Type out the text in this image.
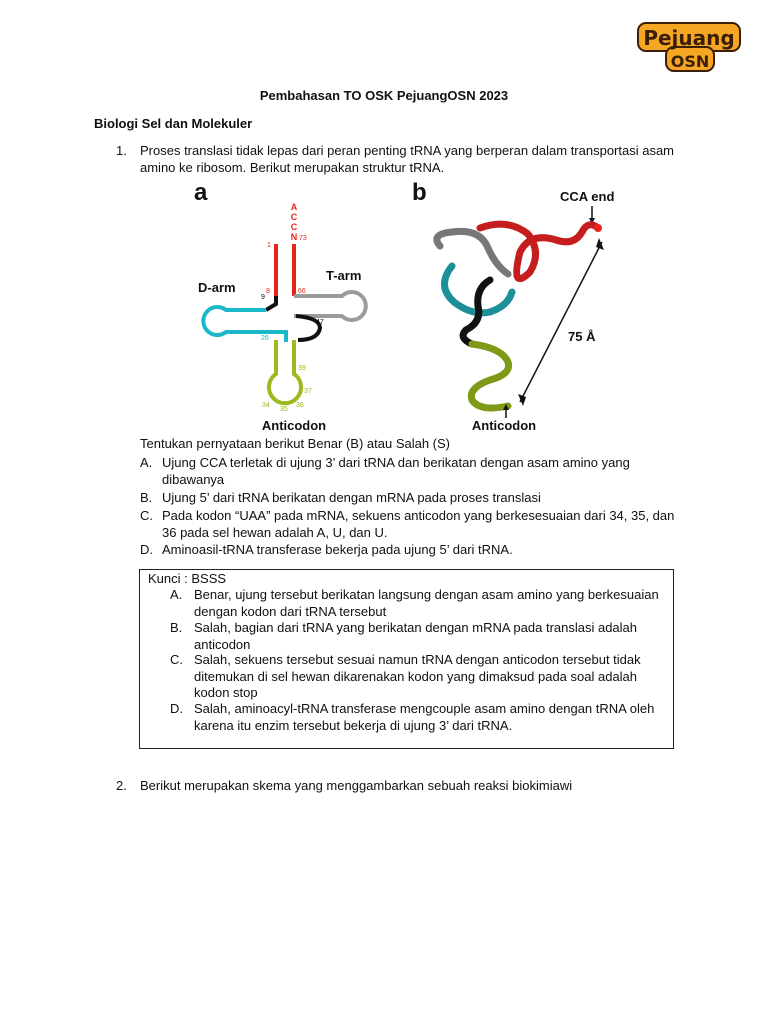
Pejuang
OSN
Pembahasan TO OSK PejuangOSN 2023
Biologi Sel dan Molekuler
1. Proses translasi tidak lepas dari peran penting tRNA yang berperan dalam transportasi asam amino ke ribosom. Berikut merupakan struktur tRNA.
a
A
C
C
N 73
1
T-arm
66
47
8
9
D-arm
26
39
37
34
35
36
Anticodon
b	CCA end
75 Å
Anticodon
Tentukan pernyataan berikut Benar (B) atau Salah (S)
A. Ujung CCA terletak di ujung 3’ dari tRNA dan berikatan dengan asam amino yang dibawanya
B. Ujung 5’ dari tRNA berikatan dengan mRNA pada proses translasi
C. Pada kodon “UAA” pada mRNA, sekuens anticodon yang berkesesuaian dari 34, 35, dan 36 pada sel hewan adalah A, U, dan U.
D. Aminoasil-tRNA transferase bekerja pada ujung 5’ dari tRNA.
Kunci : BSSS
A. Benar, ujung tersebut berikatan langsung dengan asam amino yang berkesuaian dengan kodon dari tRNA tersebut
B. Salah, bagian dari tRNA yang berikatan dengan mRNA pada translasi adalah anticodon
C. Salah, sekuens tersebut sesuai namun tRNA dengan anticodon tersebut tidak ditemukan di sel hewan dikarenakan kodon yang dimaksud pada soal adalah kodon stop
D. Salah, aminoacyl-tRNA transferase mengcouple asam amino dengan tRNA oleh karena itu enzim tersebut bekerja di ujung 3’ dari tRNA.
2. Berikut merupakan skema yang menggambarkan sebuah reaksi biokimiawi
